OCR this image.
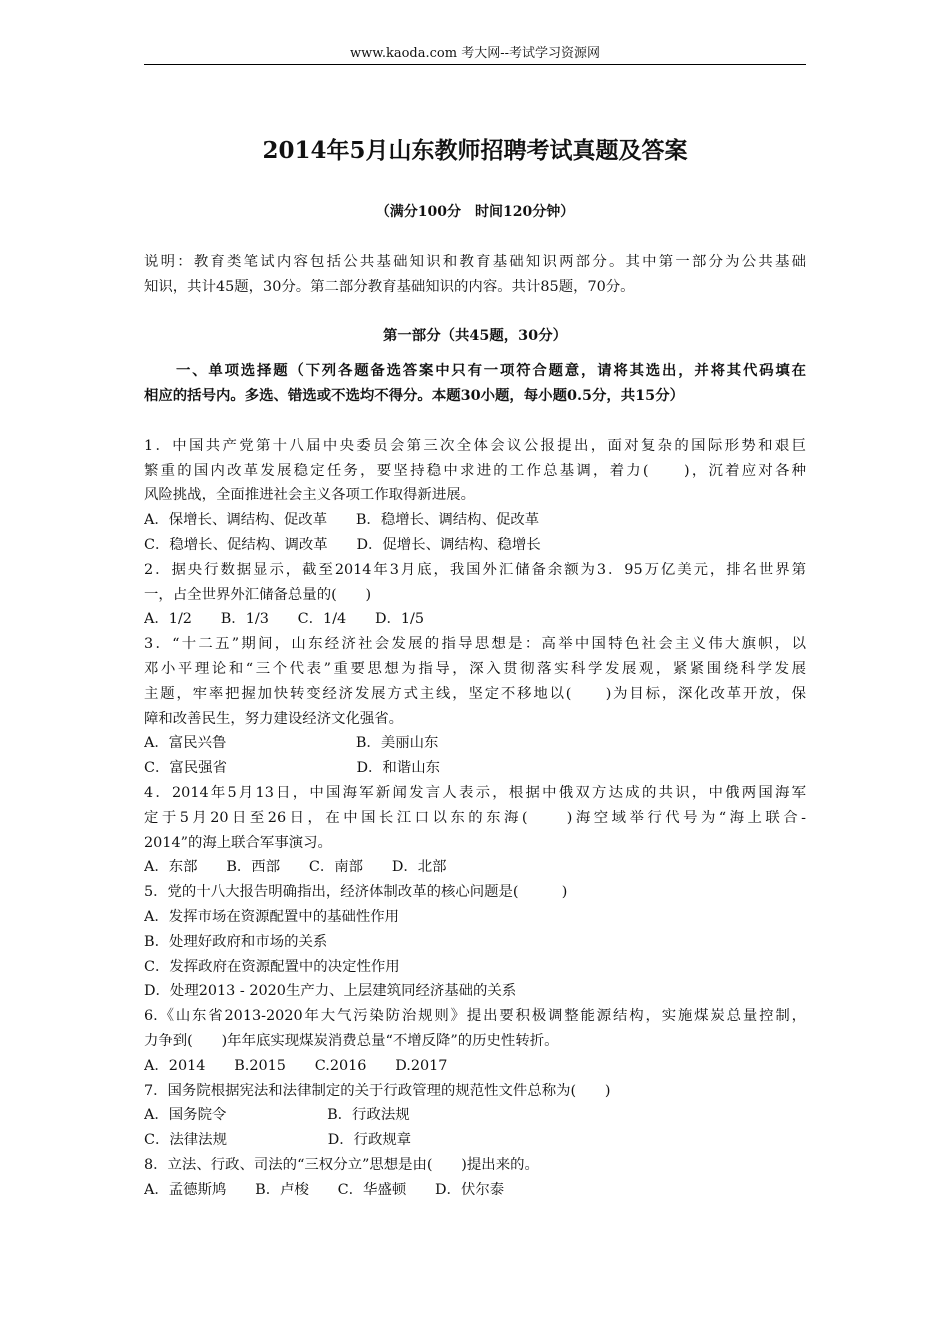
www.kaoda.com 考大网--考试学习资源网
2014年5月山东教师招聘考试真题及答案
（满分100分　时间120分钟）
说明：教育类笔试内容包括公共基础知识和教育基础知识两部分。其中第一部分为公共基础
知识，共计45题，30分。第二部分教育基础知识的内容。共计85题，70分。
第一部分（共45题，30分）
一、单项选择题（下列各题备选答案中只有一项符合题意，请将其选出，并将其代码填在
相应的括号内。多选、错选或不选均不得分。本题30小题，每小题0.5分，共15分）
1．中国共产党第十八届中央委员会第三次全体会议公报提出，面对复杂的国际形势和艰巨
繁重的国内改革发展稳定任务，要坚持稳中求进的工作总基调，着力(　　)，沉着应对各种
风险挑战，全面推进社会主义各项工作取得新进展。
A．保增长、调结构、促改革　　B．稳增长、调结构、促改革
C．稳增长、促结构、调改革　　D．促增长、调结构、稳增长
2．据央行数据显示，截至2014年3月底，我国外汇储备余额为3．95万亿美元，排名世界第
一，占全世界外汇储备总量的(　　)
A．1/2　　B．1/3　　C．1/4　　D．1/5
3．“十二五”期间，山东经济社会发展的指导思想是：高举中国特色社会主义伟大旗帜，以
邓小平理论和“三个代表”重要思想为指导，深入贯彻落实科学发展观，紧紧围绕科学发展
主题，牢率把握加快转变经济发展方式主线，坚定不移地以(　　)为目标，深化改革开放，保
障和改善民生，努力建设经济文化强省。
A．富民兴鲁　　　　　　　　　B．美丽山东
C．富民强省　　　　　　　　　D．和谐山东
4．2014年5月13日，中国海军新闻发言人表示，根据中俄双方达成的共识，中俄两国海军
定于5月20日至26日，在中国长江口以东的东海(　　)海空域举行代号为“海上联合-
2014”的海上联合军事演习。
A．东部　　B．西部　　C．南部　　D．北部
5．党的十八大报告明确指出，经济体制改革的核心问题是(　　　)
A．发挥市场在资源配置中的基础性作用
B．处理好政府和市场的关系
C．发挥政府在资源配置中的决定性作用
D．处理2013 - 2020生产力、上层建筑同经济基础的关系
6.《山东省2013-2020年大气污染防治规则》提出要积极调整能源结构，实施煤炭总量控制，
力争到(　　)年年底实现煤炭消费总量“不增反降”的历史性转折。
A．2014　　B.2015　　C.2016　　D.2017
7．国务院根据宪法和法律制定的关于行政管理的规范性文件总称为(　　)
A．国务院令　　　　　　　B．行政法规
C．法律法规　　　　　　　D．行政规章
8．立法、行政、司法的“三权分立”思想是由(　　)提出来的。
A．孟德斯鸠　　B．卢梭　　C．华盛顿　　D．伏尔泰
